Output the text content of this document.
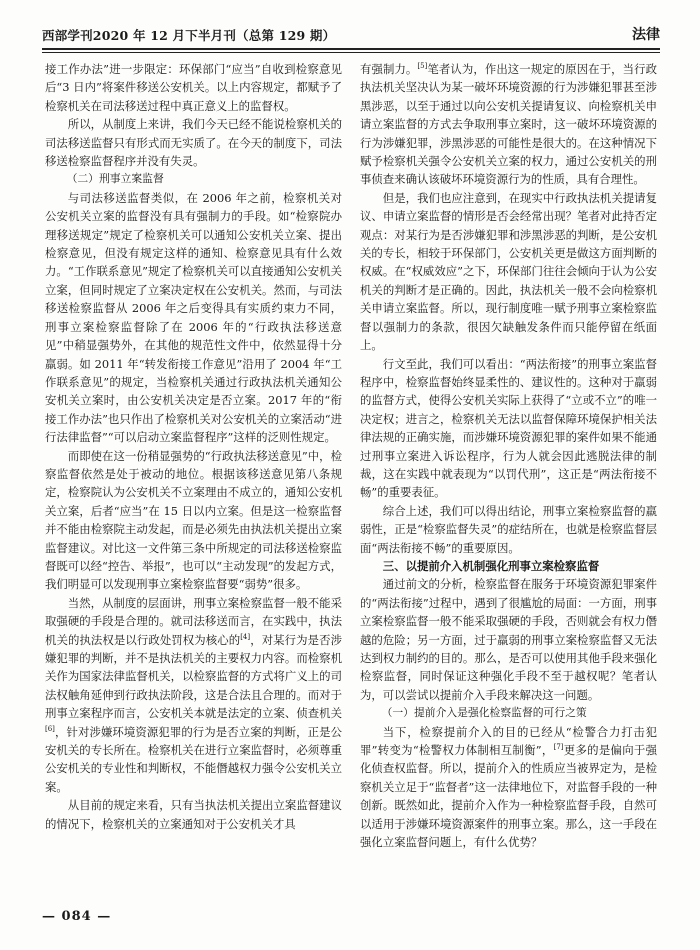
西部学刊2020 年 12 月下半月刊（总第 129 期）	法律

接工作办法”进一步限定：环保部门“应当”自收到检察意见后“3 日内”将案件移送公安机关。以上内容规定，都赋予了检察机关在司法移送过程中真正意义上的监督权。

所以，从制度上来讲，我们今天已经不能说检察机关的司法移送监督只有形式而无实质了。在今天的制度下，司法移送检察监督程序并没有失灵。

（二）刑事立案监督

与司法移送监督类似，在 2006 年之前，检察机关对公安机关立案的监督没有具有强制力的手段。如“检察院办理移送规定”规定了检察机关可以通知公安机关立案、提出检察意见，但没有规定这样的通知、检察意见具有什么效力。“工作联系意见”规定了检察机关可以直接通知公安机关立案，但同时规定了立案决定权在公安机关。然而，与司法移送检察监督从 2006 年之后变得具有实质约束力不同，刑事立案检察监督除了在 2006 年的“行政执法移送意见”中稍显强势外，在其他的规范性文件中，依然显得十分羸弱。如 2011 年“转发衔接工作意见”沿用了 2004 年“工作联系意见”的规定，当检察机关通过行政执法机关通知公安机关立案时，由公安机关决定是否立案。2017 年的“衔接工作办法”也只作出了检察机关对公安机关的立案活动“进行法律监督”“可以启动立案监督程序”这样的泛则性规定。

而即使在这一份稍显强势的“行政执法移送意见”中，检察监督依然是处于被动的地位。根据该移送意见第八条规定，检察院认为公安机关不立案理由不成立的，通知公安机关立案，后者“应当”在 15 日以内立案。但是这一检察监督并不能由检察院主动发起，而是必须先由执法机关提出立案监督建议。对比这一文件第三条中所规定的司法移送检察监督既可以经“控告、举报”，也可以“主动发现”的发起方式，我们明显可以发现刑事立案检察监督要“弱势”很多。

当然，从制度的层面讲，刑事立案检察监督一般不能采取强硬的手段是合理的。就司法移送而言，在实践中，执法机关的执法权是以行政处罚权为核心的[4]，对某行为是否涉嫌犯罪的判断，并不是执法机关的主要权力内容。而检察机关作为国家法律监督机关，以检察监督的方式将广义上的司法权触角延伸到行政执法阶段，这是合法且合理的。而对于刑事立案程序而言，公安机关本就是法定的立案、侦查机关[6]，针对涉嫌环境资源犯罪的行为是否立案的判断，正是公安机关的专长所在。检察机关在进行立案监督时，必须尊重公安机关的专业性和判断权，不能僭越权力强令公安机关立案。

从目前的规定来看，只有当执法机关提出立案监督建议的情况下，检察机关的立案通知对于公安机关才具

有强制力。[5]笔者认为，作出这一规定的原因在于，当行政执法机关坚决认为某一破坏环境资源的行为涉嫌犯罪甚至涉黑涉恶，以至于通过以向公安机关提请复议、向检察机关申请立案监督的方式去争取刑事立案时，这一破坏环境资源的行为涉嫌犯罪，涉黑涉恶的可能性是很大的。在这种情况下赋予检察机关强令公安机关立案的权力，通过公安机关的刑事侦查来确认该破坏环境资源行为的性质，具有合理性。

但是，我们也应注意到，在现实中行政执法机关提请复议、申请立案监督的情形是否会经常出现？笔者对此持否定观点：对某行为是否涉嫌犯罪和涉黑涉恶的判断，是公安机关的专长，相较于环保部门，公安机关更是做这方面判断的权威。在“权威效应”之下，环保部门往往会倾向于认为公安机关的判断才是正确的。因此，执法机关一般不会向检察机关申请立案监督。所以，现行制度唯一赋予刑事立案检察监督以强制力的条款，很因欠缺触发条件而只能停留在纸面上。

行文至此，我们可以看出：“两法衔接”的刑事立案监督程序中，检察监督始终显柔性的、建议性的。这种对于羸弱的监督方式，使得公安机关实际上获得了“立或不立”的唯一决定权；进言之，检察机关无法以监督保障环境保护相关法律法规的正确实施，而涉嫌环境资源犯罪的案件如果不能通过刑事立案进入诉讼程序，行为人就会因此逃脱法律的制裁，这在实践中就表现为“以罚代刑”，这正是“两法衔接不畅”的重要表征。

综合上述，我们可以得出结论，刑事立案检察监督的羸弱性，正是“检察监督失灵”的症结所在，也就是检察监督层面“两法衔接不畅”的重要原因。

三、以提前介入机制强化刑事立案检察监督

通过前文的分析，检察监督在服务于环境资源犯罪案件的“两法衔接”过程中，遇到了很尴尬的局面：一方面，刑事立案检察监督一般不能采取强硬的手段，否则就会有权力僭越的危险；另一方面，过于羸弱的刑事立案检察监督又无法达到权力制约的目的。那么，是否可以使用其他手段来强化检察监督，同时保证这种强化手段不至于越权呢？笔者认为，可以尝试以提前介入手段来解决这一问题。

（一）提前介入是强化检察监督的可行之策

当下，检察提前介入的目的已经从“检警合力打击犯罪”转变为“检警权力体制相互制衡”，[7]更多的是偏向于强化侦查权监督。所以，提前介入的性质应当被界定为，是检察机关立足于“监督者”这一法律地位下，对监督手段的一种创新。既然如此，提前介入作为一种检察监督手段，自然可以适用于涉嫌环境资源案件的刑事立案。那么，这一手段在强化立案监督问题上，有什么优势？

— 084 —
